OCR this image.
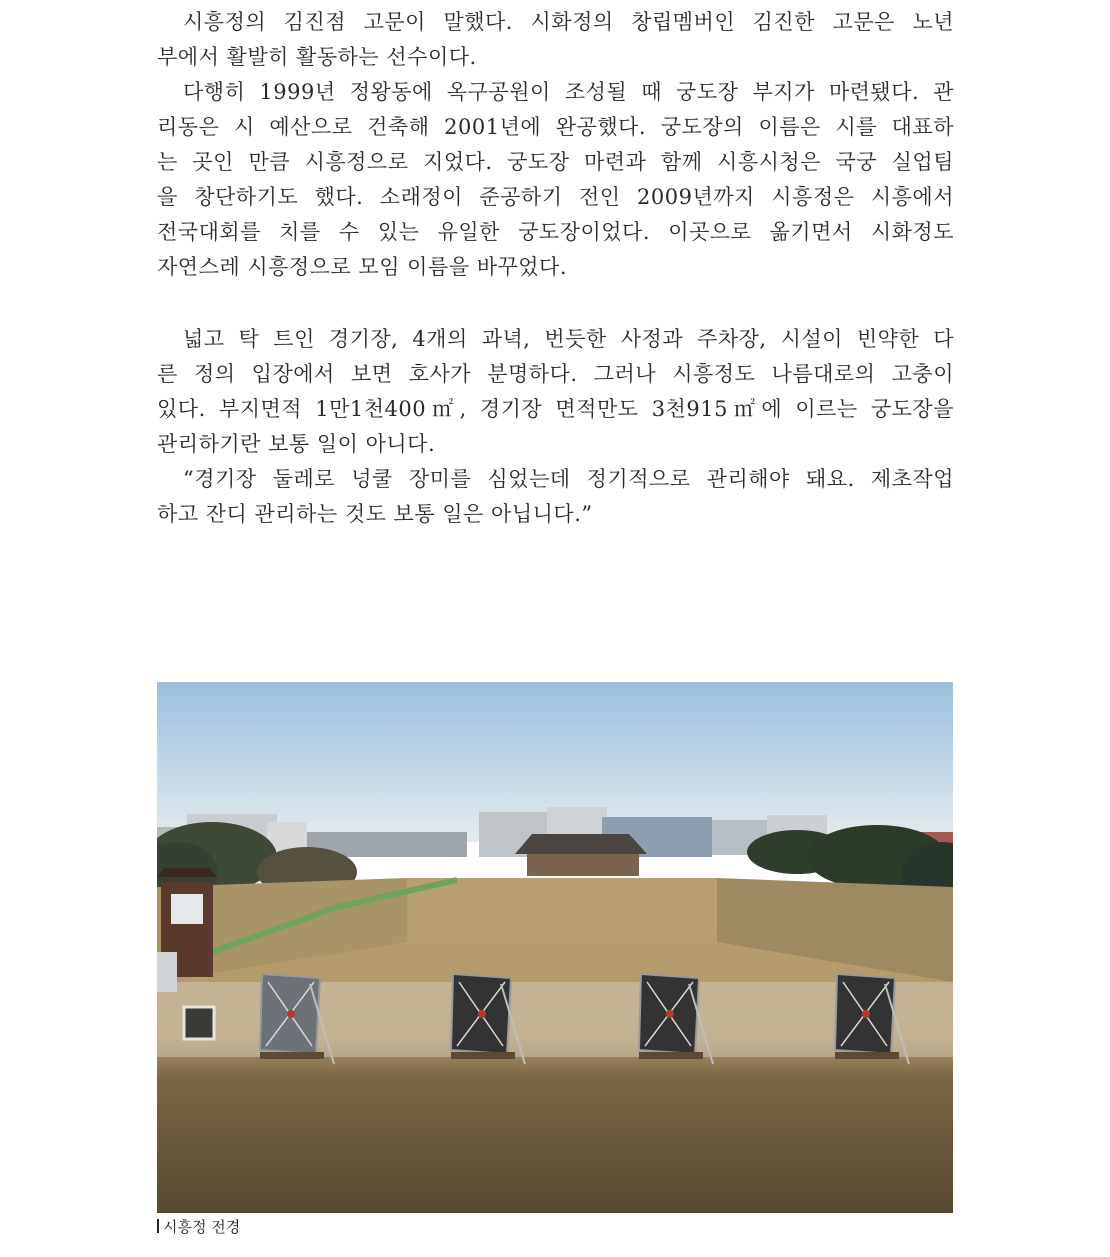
시흥정의 김진점 고문이 말했다. 시화정의 창립멤버인 김진한 고문은 노년
부에서 활발히 활동하는 선수이다.

다행히 1999년 정왕동에 옥구공원이 조성될 때 궁도장 부지가 마련됐다. 관
리동은 시 예산으로 건축해 2001년에 완공했다. 궁도장의 이름은 시를 대표하
는 곳인 만큼 시흥정으로 지었다. 궁도장 마련과 함께 시흥시청은 국궁 실업팀
을 창단하기도 했다. 소래정이 준공하기 전인 2009년까지 시흥정은 시흥에서
전국대회를 치를 수 있는 유일한 궁도장이었다. 이곳으로 옮기면서 시화정도
자연스레 시흥정으로 모임 이름을 바꾸었다.

넓고 탁 트인 경기장, 4개의 과녁, 번듯한 사정과 주차장, 시설이 빈약한 다
른 정의 입장에서 보면 호사가 분명하다. 그러나 시흥정도 나름대로의 고충이
있다. 부지면적 1만1천400㎡, 경기장 면적만도 3천915㎡에 이르는 궁도장을
관리하기란 보통 일이 아니다.

“경기장 둘레로 넝쿨 장미를 심었는데 정기적으로 관리해야 돼요. 제초작업
하고 잔디 관리하는 것도 보통 일은 아닙니다.”

시흥정 전경
